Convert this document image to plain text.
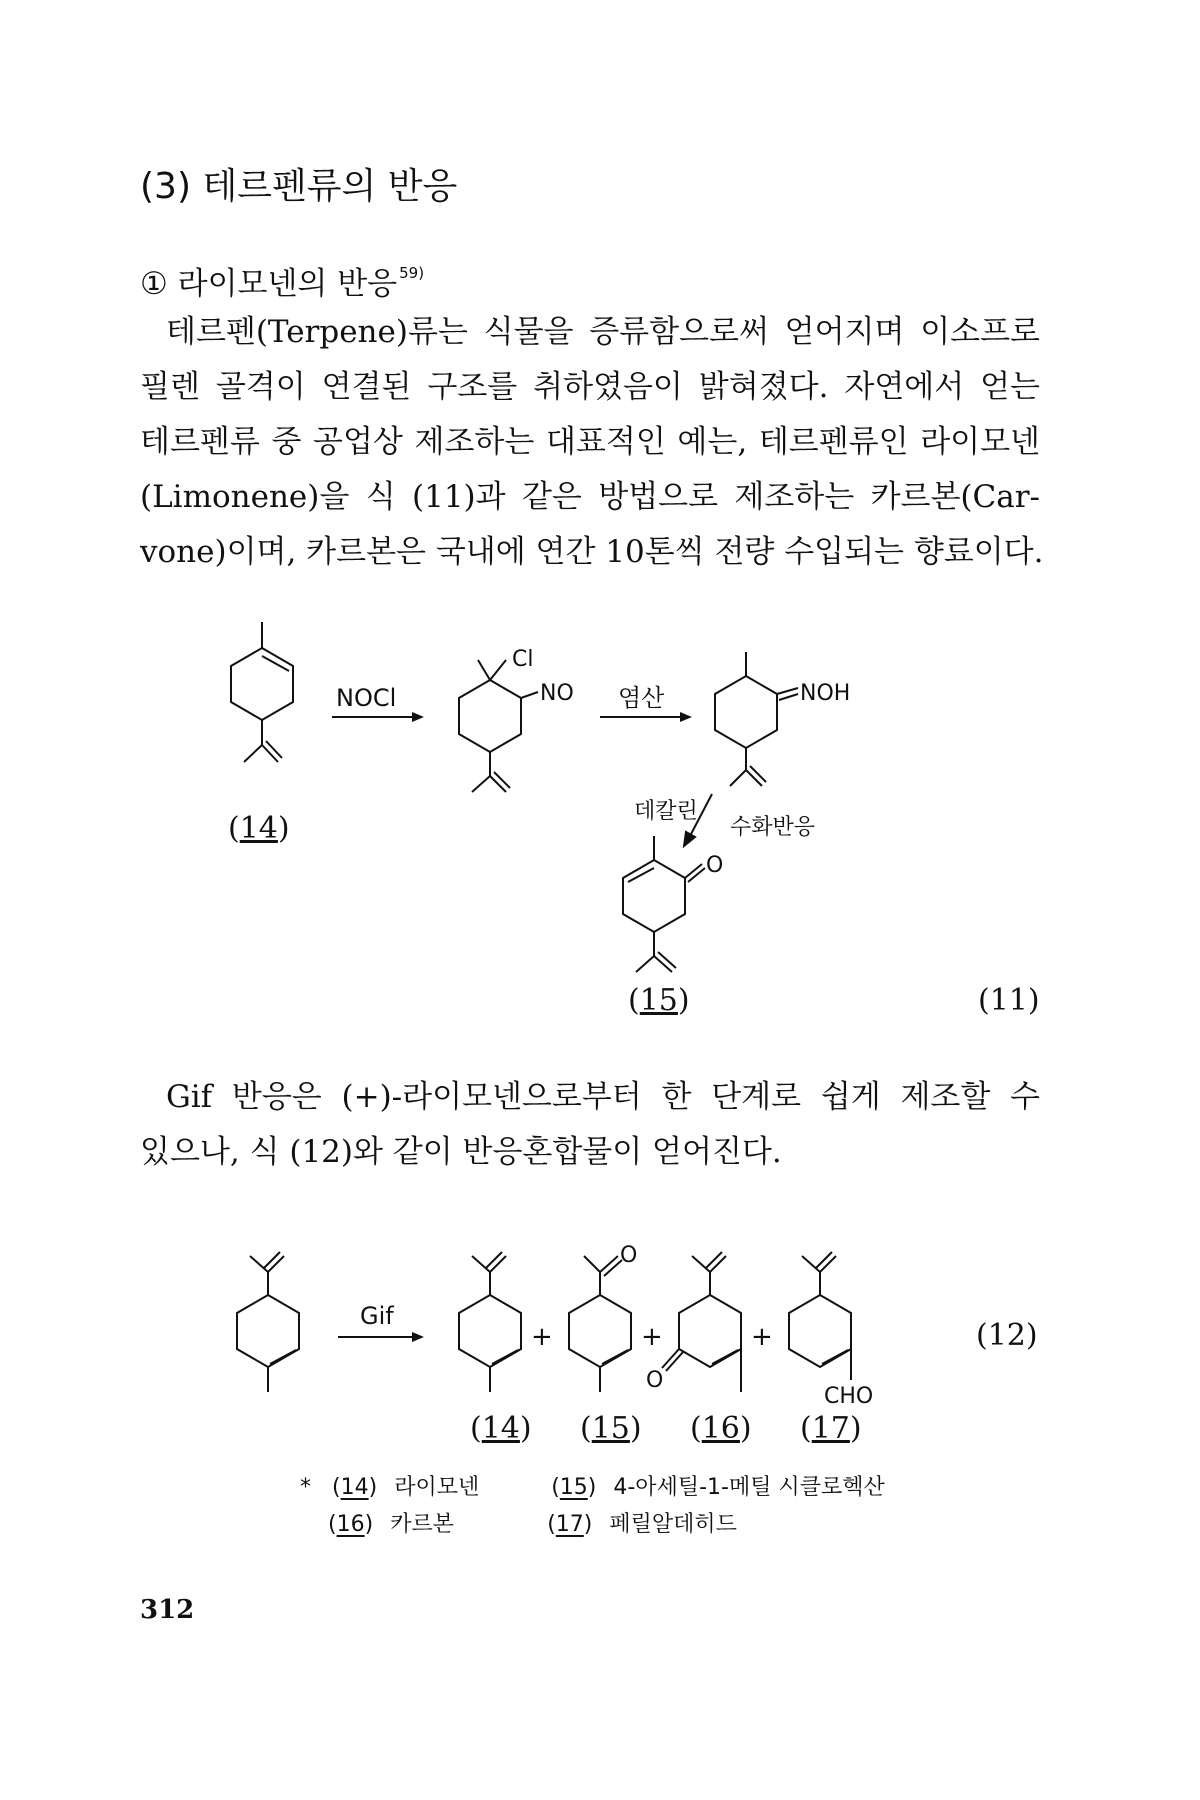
(3) 테르펜류의 반응
① 라이모넨의 반응 $^{59)}$
테르펜(Terpene)류는 식물을 증류함으로써 얻어지며 이소프로
필렌 골격이 연결된 구조를 취하였음이 밝혀졌다. 자연에서 얻는
테르펜류 중 공업상 제조하는 대표적인 예는, 테르펜류인 라이모넨
(Limonene)을 식 (11)과 같은 방법으로 제조하는 카르본(Car-
vone)이며, 카르본은 국내에 연간 10톤씩 전량 수입되는 향료이다.
NOCl	염산
Cl
NO	NOH
O
데칼린
수화반응
(14)
(15)	(11)
Gif 반응은 (+)-라이모넨으로부터 한 단계로 쉽게 제조할 수
있으나, 식 (12)와 같이 반응혼합물이 얻어진다.
Gif
+	+	+
O
O
CHO
(12)
(14) (15) (16) (17)
* (14) 라이모넨	(15) 4-아세틸-1-메틸 시클로헥산
(16) 카르본	(17) 페릴알데히드
312
